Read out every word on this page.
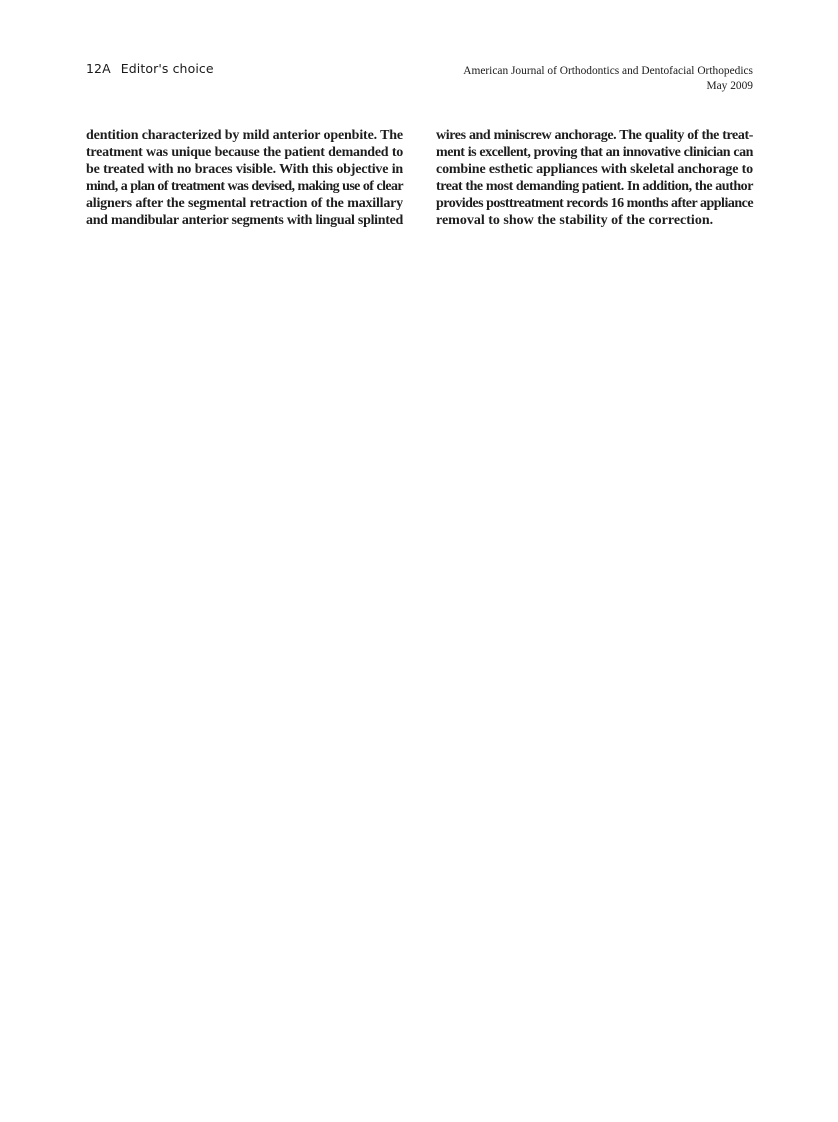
12A Editor's choice	American Journal of Orthodontics and Dentofacial Orthopedics
May 2009
dentition characterized by mild anterior openbite. The
treatment was unique because the patient demanded to
be treated with no braces visible. With this objective in
mind, a plan of treatment was devised, making use of clear
aligners after the segmental retraction of the maxillary
and mandibular anterior segments with lingual splinted
wires and miniscrew anchorage. The quality of the treat-
ment is excellent, proving that an innovative clinician can
combine esthetic appliances with skeletal anchorage to
treat the most demanding patient. In addition, the author
provides posttreatment records 16 months after appliance
removal to show the stability of the correction.
